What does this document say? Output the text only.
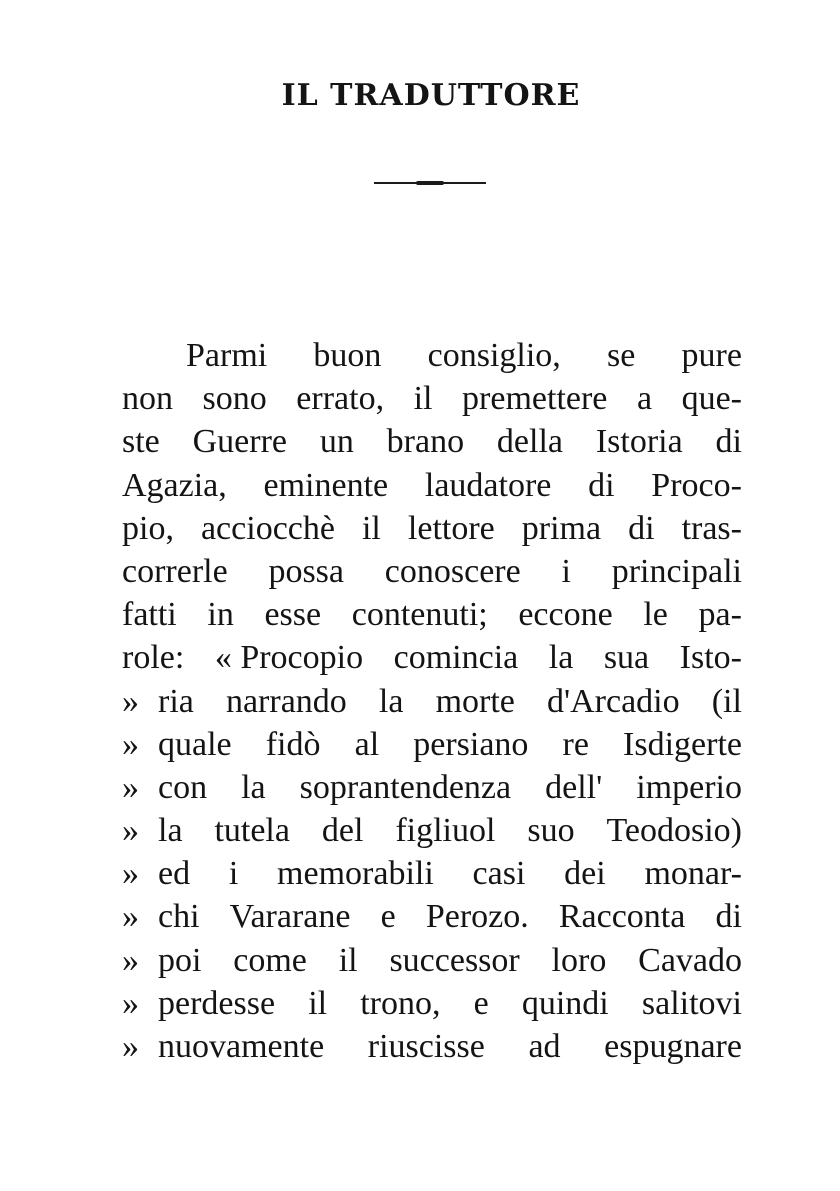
IL TRADUTTORE
Parmi buon consiglio, se pure
non sono errato, il premettere a que-
ste Guerre un brano della Istoria di
Agazia, eminente laudatore di Proco-
pio, acciocchè il lettore prima di tras-
correrle possa conoscere i principali
fatti in esse contenuti; eccone le pa-
role: « Procopio comincia la sua Isto-
» ria narrando la morte d'Arcadio (il
» quale fidò al persiano re Isdigerte
» con la soprantendenza dell' imperio
» la tutela del figliuol suo Teodosio)
» ed i memorabili casi dei monar-
» chi Vararane e Perozo. Racconta di
» poi come il successor loro Cavado
» perdesse il trono, e quindi salitovi
» nuovamente riuscisse ad espugnare
